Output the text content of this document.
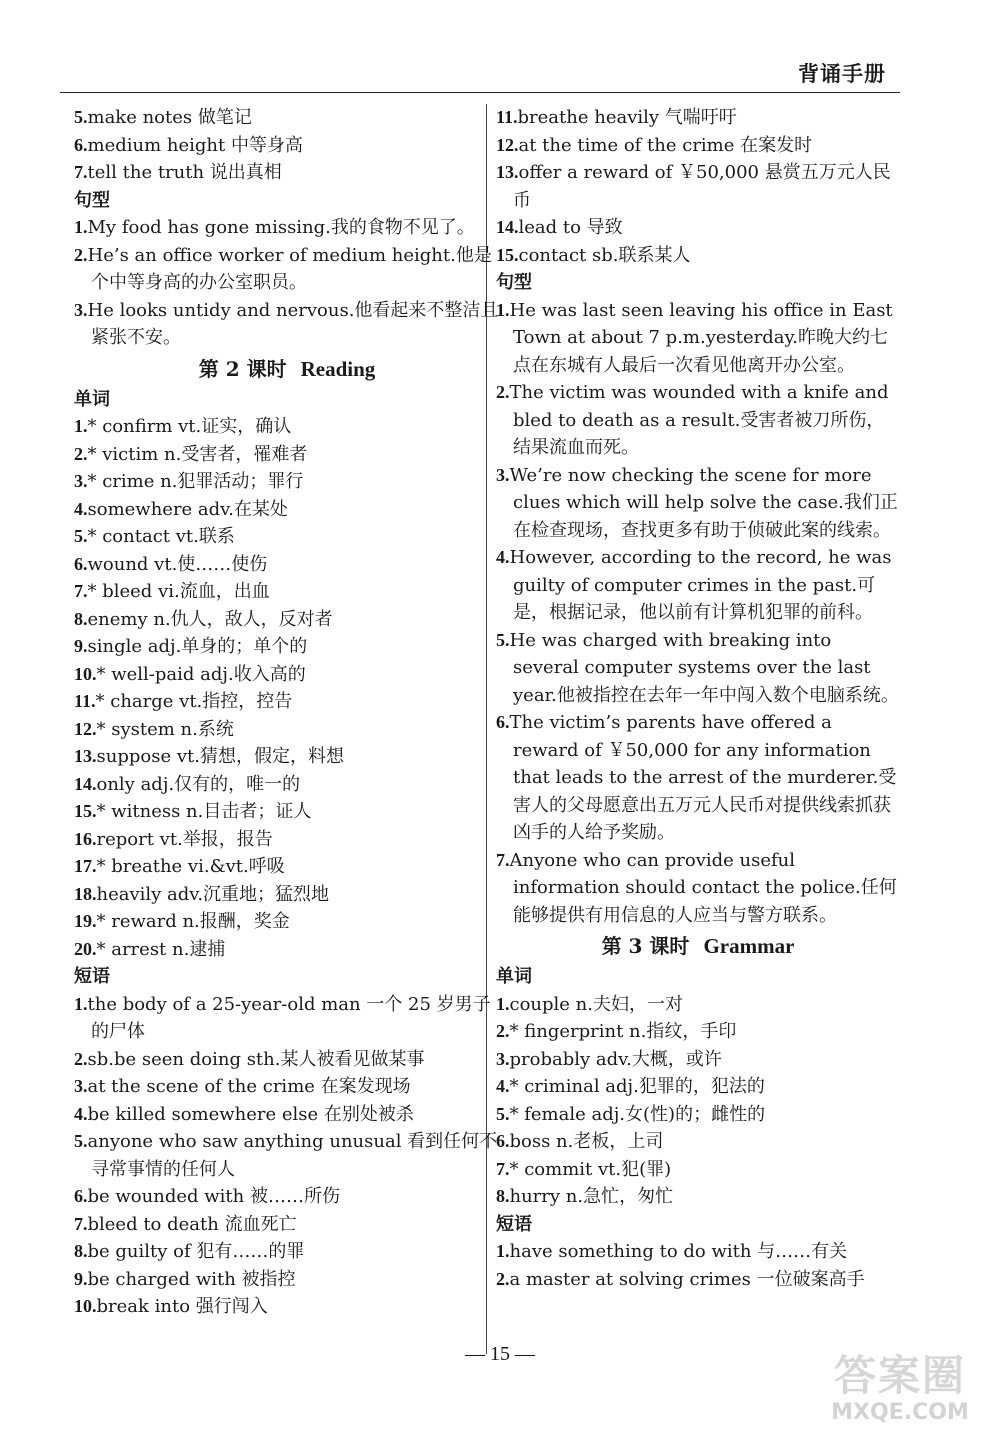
背诵手册
5.make notes 做笔记
6.medium height 中等身高
7.tell the truth 说出真相
句型
1.My food has gone missing.我的食物不见了。
2.He’s an office worker of medium height.他是个中等身高的办公室职员。
3.He looks untidy and nervous.他看起来不整洁且紧张不安。
第 2 课时 Reading
单词
1.* confirm vt.证实，确认
2.* victim n.受害者，罹难者
3.* crime n.犯罪活动；罪行
4.somewhere adv.在某处
5.* contact vt.联系
6.wound vt.使……使伤
7.* bleed vi.流血，出血
8.enemy n.仇人，敌人，反对者
9.single adj.单身的；单个的
10.* well-paid adj.收入高的
11.* charge vt.指控，控告
12.* system n.系统
13.suppose vt.猜想，假定，料想
14.only adj.仅有的，唯一的
15.* witness n.目击者；证人
16.report vt.举报，报告
17.* breathe vi.&vt.呼吸
18.heavily adv.沉重地；猛烈地
19.* reward n.报酬，奖金
20.* arrest n.逮捕
短语
1.the body of a 25-year-old man 一个 25 岁男子的尸体
2.sb.be seen doing sth.某人被看见做某事
3.at the scene of the crime 在案发现场
4.be killed somewhere else 在别处被杀
5.anyone who saw anything unusual 看到任何不寻常事情的任何人
6.be wounded with 被……所伤
7.bleed to death 流血死亡
8.be guilty of 犯有……的罪
9.be charged with 被指控
10.break into 强行闯入
11.breathe heavily 气喘吁吁
12.at the time of the crime 在案发时
13.offer a reward of ￥50,000 悬赏五万元人民币
14.lead to 导致
15.contact sb.联系某人
句型
1.He was last seen leaving his office in East Town at about 7 p.m.yesterday.昨晚大约七点在东城有人最后一次看见他离开办公室。
2.The victim was wounded with a knife and bled to death as a result.受害者被刀所伤，结果流血而死。
3.We’re now checking the scene for more clues which will help solve the case.我们正在检查现场，查找更多有助于侦破此案的线索。
4.However, according to the record, he was guilty of computer crimes in the past.可是，根据记录，他以前有计算机犯罪的前科。
5.He was charged with breaking into several computer systems over the last year.他被指控在去年一年中闯入数个电脑系统。
6.The victim’s parents have offered a reward of ￥50,000 for any information that leads to the arrest of the murderer.受害人的父母愿意出五万元人民币对提供线索抓获凶手的人给予奖励。
7.Anyone who can provide useful information should contact the police.任何能够提供有用信息的人应当与警方联系。
第 3 课时 Grammar
单词
1.couple n.夫妇，一对
2.* fingerprint n.指纹，手印
3.probably adv.大概，或许
4.* criminal adj.犯罪的，犯法的
5.* female adj.女(性)的；雌性的
6.boss n.老板，上司
7.* commit vt.犯(罪)
8.hurry n.急忙，匆忙
短语
1.have something to do with 与……有关
2.a master at solving crimes 一位破案高手
— 15 —	答案圈
MXQE.COM
